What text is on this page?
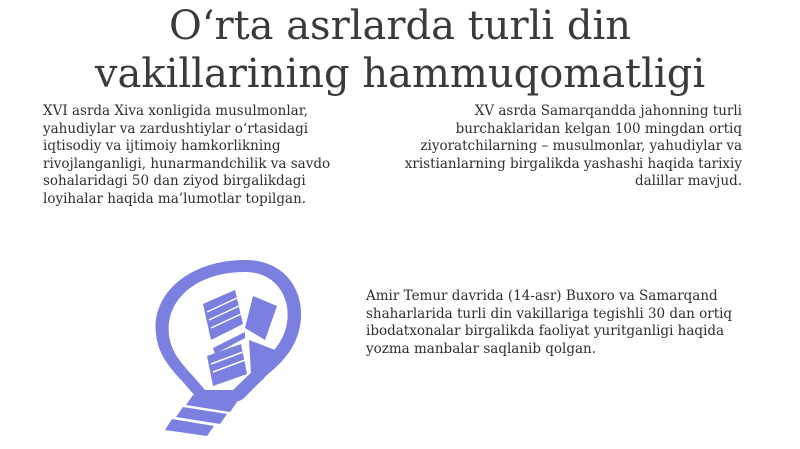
O‘rta asrlarda turli din
vakillarining hammuqomatligi

XVI asrda Xiva xonligida musulmonlar, yahudiylar va zardushtiylar o‘rtasidagi iqtisodiy va ijtimoiy hamkorlikning rivojlanganligi, hunarmandchilik va savdo sohalaridagi 50 dan ziyod birgalikdagi loyihalar haqida ma’lumotlar topilgan.

XV asrda Samarqandda jahonning turli burchaklaridan kelgan 100 mingdan ortiq ziyoratchilarning – musulmonlar, yahudiylar va xristianlarning birgalikda yashashi haqida tarixiy dalillar mavjud.

Amir Temur davrida (14-asr) Buxoro va Samarqand shaharlarida turli din vakillariga tegishli 30 dan ortiq ibodatxonalar birgalikda faoliyat yuritganligi haqida yozma manbalar saqlanib qolgan.
